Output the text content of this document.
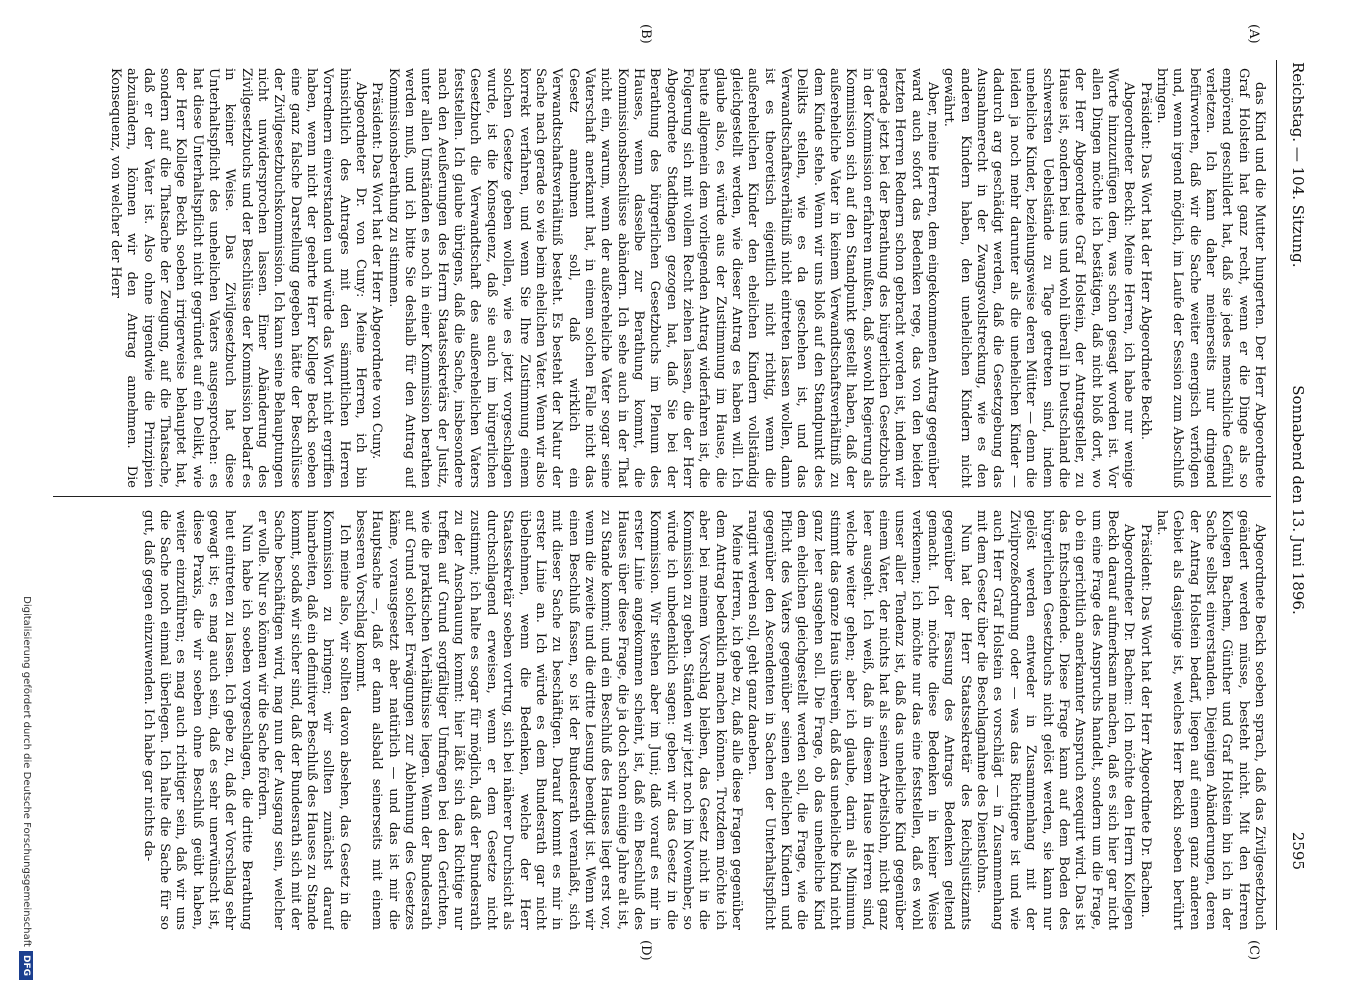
Reichstag. — 104. Sitzung.
Sonnabend den 13. Juni 1896.
2595
(A)
(B)
(C)
(D)

das Kind und die Mutter hungerten. Der Herr Abgeordnete Graf Holstein hat ganz recht, wenn er die Dinge als so empörend geschildert hat, daß sie jedes menschliche Gefühl verletzen. Ich kann daher meinerseits nur dringend befürworten, daß wir die Sache weiter energisch verfolgen und, wenn irgend möglich, im Laufe der Session zum Abschluß bringen.

Präsident: Das Wort hat der Herr Abgeordnete Beckh.

Abgeordneter Beckh: Meine Herren, ich habe nur wenige Worte hinzuzufügen dem, was schon gesagt worden ist. Vor allen Dingen möchte ich bestätigen, daß nicht bloß dort, wo der Herr Abgeordnete Graf Holstein, der Antragsteller, zu Hause ist, sondern bei uns und wohl überall in Deutschland die schwersten Uebelstände zu Tage getreten sind, indem uneheliche Kinder, beziehungsweise deren Mütter — denn die leiden ja noch mehr darunter als die unehelichen Kinder — dadurch arg geschädigt werden, daß die Gesetzgebung das Ausnahmerecht in der Zwangsvollstreckung, wie es den anderen Kindern haben, den unehelichen Kindern nicht gewährt.

Aber, meine Herren, dem eingekommenen Antrag gegenüber ward auch sofort das Bedenken rege, das von den beiden letzten Herren Rednern schon gebracht worden ist, indem wir gerade jetzt bei der Berathung des bürgerlichen Gesetzbuchs in der Kommission erfahren mußten, daß sowohl Regierung als Kommission sich auf den Standpunkt gestellt haben, daß der außereheliche Vater in keinem Verwandtschaftsverhältniß zu dem Kinde stehe. Wenn wir uns bloß auf den Standpunkt des Delikts stellen, wie es da geschehen ist, und das Verwandtschaftsverhältniß nicht eintreten lassen wollen, dann ist es theoretisch eigentlich nicht richtig, wenn die außerehelichen Kinder den ehelichen Kindern vollständig gleichgestellt werden, wie dieser Antrag es haben will. Ich glaube also, es würde aus der Zustimmung im Hause, die heute allgemein dem vorliegenden Antrag widerfahren ist, die Folgerung sich mit vollem Recht ziehen lassen, die der Herr Abgeordnete Stadthagen gezogen hat, daß Sie bei der Berathung des bürgerlichen Gesetzbuchs im Plenum des Hauses, wenn dasselbe zur Berathung kommt, die Kommissionsbeschlüsse abändern. Ich sehe auch in der That nicht ein, warum, wenn der außereheliche Vater sogar seine Vaterschaft anerkannt hat, in einem solchen Falle nicht das Gesetz annehmen soll, daß wirklich ein Verwandtschaftsverhältniß besteht. Es besteht der Natur der Sache nach gerade so wie beim ehelichen Vater. Wenn wir also korrekt verfahren, und wenn Sie Ihre Zustimmung einem solchen Gesetze geben wollen, wie es jetzt vorgeschlagen wurde, ist die Konsequenz, daß sie auch im bürgerlichen Gesetzbuch die Verwandtschaft des außerehelichen Vaters feststellen. Ich glaube übrigens, daß die Sache, insbesondere nach den Aeußerungen des Herrn Staatssekretärs der Justiz, unter allen Umständen es noch in einer Kommission berathen werden muß, und ich bitte Sie deshalb für den Antrag auf Kommissionsberathung zu stimmen.

Präsident: Das Wort hat der Herr Abgeordnete von Cuny.

Abgeordneter Dr. von Cuny: Meine Herren, ich bin hinsichtlich des Antrages mit den sämmtlichen Herren Vorrednern einverstanden und würde das Wort nicht ergriffen haben, wenn nicht der geehrte Herr Kollege Beckh soeben eine ganz falsche Darstellung gegeben hätte der Beschlüsse der Zivilgesetzbuchskommission. Ich kann seine Behauptungen nicht unwidersprochen lassen. Einer Abänderung des Zivilgesetzbuchs und der Beschlüsse der Kommission bedarf es in keiner Weise. Das Zivilgesetzbuch hat diese Unterhaltspflicht des unehelichen Vaters ausgesprochen: es hat diese Unterhaltspflicht nicht gegründet auf ein Delikt, wie der Herr Kollege Beckh soeben irrigerweise behauptet hat, sondern auf die Thatsache der Zeugung, auf die Thatsache, daß er der Vater ist. Also ohne irgendwie die Prinzipien abzuändern, können wir den Antrag annehmen. Die Konsequenz, von welcher der Herr

Abgeordnete Beckh soeben sprach, daß das Zivilgesetzbuch geändert werden müsse, besteht nicht. Mit den Herren Kollegen Bachem, Günther und Graf Holstein bin ich in der Sache selbst einverstanden. Diejenigen Abänderungen, deren der Antrag Holstein bedarf, liegen auf einem ganz anderen Gebiet als dasjenige ist, welches Herr Beckh soeben berührt hat.

Präsident: Das Wort hat der Herr Abgeordnete Dr. Bachem.

Abgeordneter Dr. Bachem: Ich möchte den Herrn Kollegen Beckh darauf aufmerksam machen, daß es sich hier gar nicht um eine Frage des Anspruchs handelt, sondern um die Frage, ob ein gerichtlich anerkannter Anspruch exequirt wird. Das ist das Entscheidende. Diese Frage kann auf dem Boden des bürgerlichen Gesetzbuchs nicht gelöst werden, sie kann nur gelöst werden entweder in Zusammenhang mit der Zivilprozeßordnung oder — was das Richtigere ist und wie auch Herr Graf Holstein es vorschlägt — in Zusammenhang mit dem Gesetz über die Beschlagnahme des Dienstlohns.

Nun hat der Herr Staatssekretär des Reichsjustizamts gegenüber der Fassung des Antrags Bedenken geltend gemacht. Ich möchte diese Bedenken in keiner Weise verkennen; ich möchte nur das eine feststellen, daß es wohl unser aller Tendenz ist, daß das uneheliche Kind gegenüber einem Vater, der nichts hat als seinen Arbeitslohn, nicht ganz leer ausgeht. Ich weiß, daß in diesem Hause Herren sind, welche weiter gehen; aber ich glaube, darin als Minimum stimmt das ganze Haus überein, daß das uneheliche Kind nicht ganz leer ausgehen soll. Die Frage, ob das uneheliche Kind dem ehelichen gleichgestellt werden soll, die Frage, wie die Pflicht des Vaters gegenüber seinen ehelichen Kindern und gegenüber den Ascendenten in Sachen der Unterhaltspflicht rangirt werden soll, geht ganz daneben.

Meine Herren, ich gebe zu, daß alle diese Fragen gegenüber dem Antrag bedenklich machen können. Trotzdem möchte ich aber bei meinem Vorschlag bleiben, das Gesetz nicht in die Kommission zu geben. Ständen wir jetzt noch im November, so würde ich unbedenklich sagen: geben wir das Gesetz in die Kommission. Wir stehen aber im Juni; daß vorauf es mir in erster Linie angekommen scheint, ist, daß ein Beschluß des Hauses über diese Frage, die ja doch schon einige Jahre alt ist, zu Stande kommt; und ein Beschluß des Hauses liegt erst vor, wenn die zweite und die dritte Lesung beendigt ist. Wenn wir einen Beschluß fassen, so ist der Bundesrath veranlaßt, sich mit dieser Sache zu beschäftigen. Darauf kommt es mir in erster Linie an. Ich würde es dem Bundesrath gar nicht übelnehmen, wenn die Bedenken, welche der Herr Staatssekretär soeben vortrug, sich bei näherer Durchsicht als durchschlagend erweisen, wenn er dem Gesetze nicht zustimmt; ich halte es sogar für möglich, daß der Bundesrath zu der Anschauung kommt: hier läßt sich das Richtige nur treffen auf Grund sorgfältiger Umfragen bei den Gerichten, wie die praktischen Verhältnisse liegen. Wenn der Bundesrath auf Grund solcher Erwägungen zur Ablehnung des Gesetzes käme, vorausgesetzt aber natürlich — und das ist mir die Hauptsache —, daß er dann alsbald seinerseits mit einem besseren Vorschlag kommt.

Ich meine also, wir sollten davon absehen, das Gesetz in die Kommission zu bringen; wir sollten zunächst darauf hinarbeiten, daß ein definitiver Beschluß des Hauses zu Stande kommt, sodaß wir sicher sind, daß der Bundesrath sich mit der Sache beschäftigen wird, mag nun der Ausgang sein, welcher er wolle. Nur so können wir die Sache fördern.

Nun habe ich soeben vorgeschlagen, die dritte Berathung heut eintreten zu lassen. Ich gebe zu, daß der Vorschlag sehr gewagt ist; es mag auch sein, daß es sehr unerwünscht ist, diese Praxis, die wir soeben ohne Beschluß geübt haben, weiter einzuführen; es mag auch richtiger sein, daß wir uns die Sache noch einmal überlegen. Ich halte die Sache für so gut, daß gegen einzuwenden. Ich habe gar nichts da-

Digitalisierung gefördert durch die Deutsche ForschungsgemeinschaftDFG
